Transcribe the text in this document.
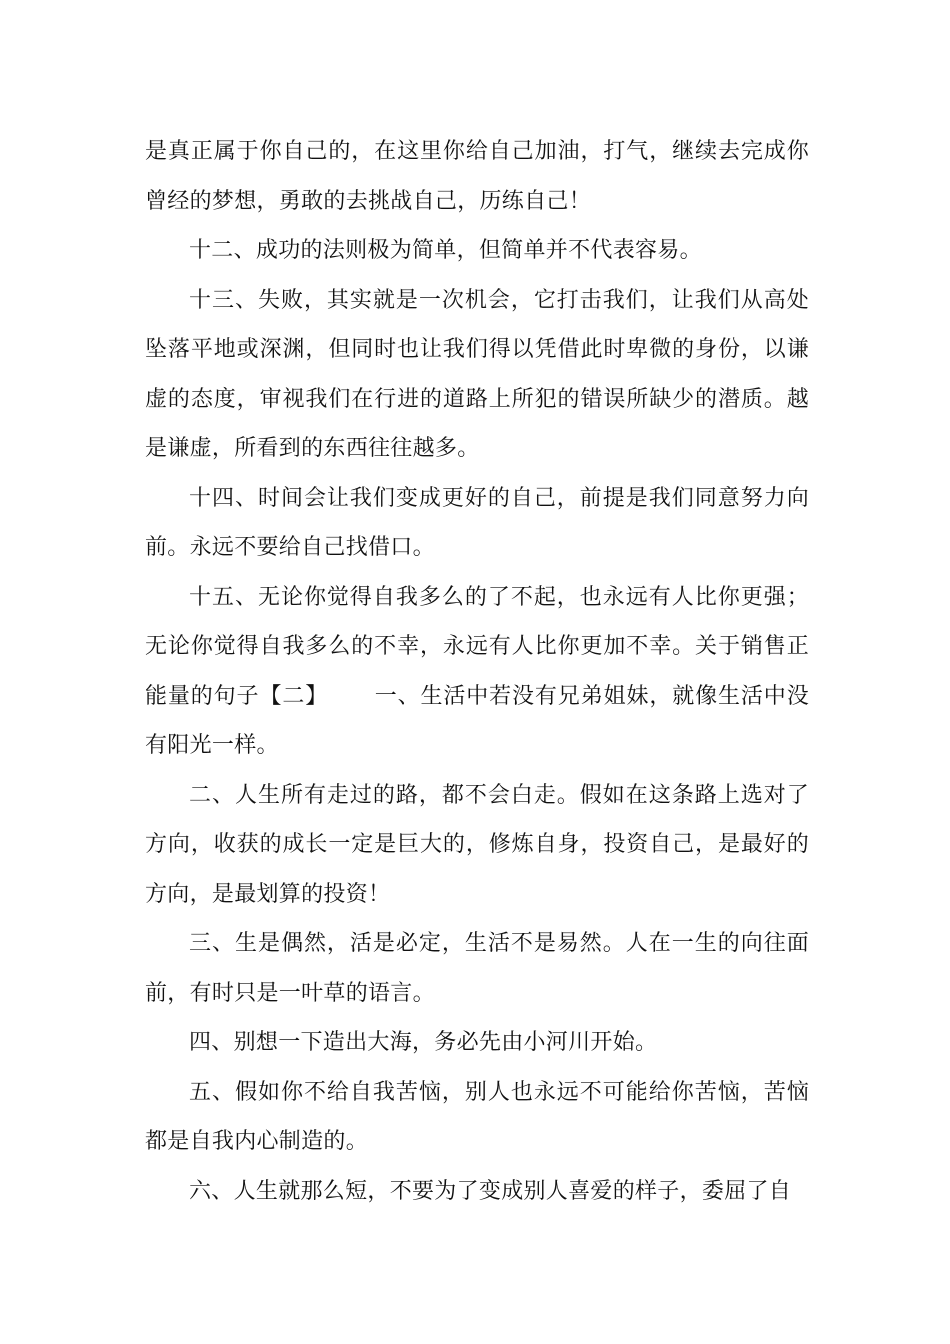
是真正属于你自己的，在这里你给自己加油，打气，继续去完成你曾经的梦想，勇敢的去挑战自己，历练自己！

十二、成功的法则极为简单，但简单并不代表容易。

十三、失败，其实就是一次机会，它打击我们，让我们从高处坠落平地或深渊，但同时也让我们得以凭借此时卑微的身份，以谦虚的态度，审视我们在行进的道路上所犯的错误所缺少的潜质。越是谦虚，所看到的东西往往越多。

十四、时间会让我们变成更好的自己，前提是我们同意努力向前。永远不要给自己找借口。

十五、无论你觉得自我多么的了不起，也永远有人比你更强；无论你觉得自我多么的不幸，永远有人比你更加不幸。关于销售正能量的句子【二】 一、生活中若没有兄弟姐妹，就像生活中没有阳光一样。

二、人生所有走过的路，都不会白走。假如在这条路上选对了方向，收获的成长一定是巨大的，修炼自身，投资自己，是最好的方向，是最划算的投资！

三、生是偶然，活是必定，生活不是易然。人在一生的向往面前，有时只是一叶草的语言。

四、别想一下造出大海，务必先由小河川开始。

五、假如你不给自我苦恼，别人也永远不可能给你苦恼，苦恼都是自我内心制造的。

六、人生就那么短，不要为了变成别人喜爱的样子，委屈了自
